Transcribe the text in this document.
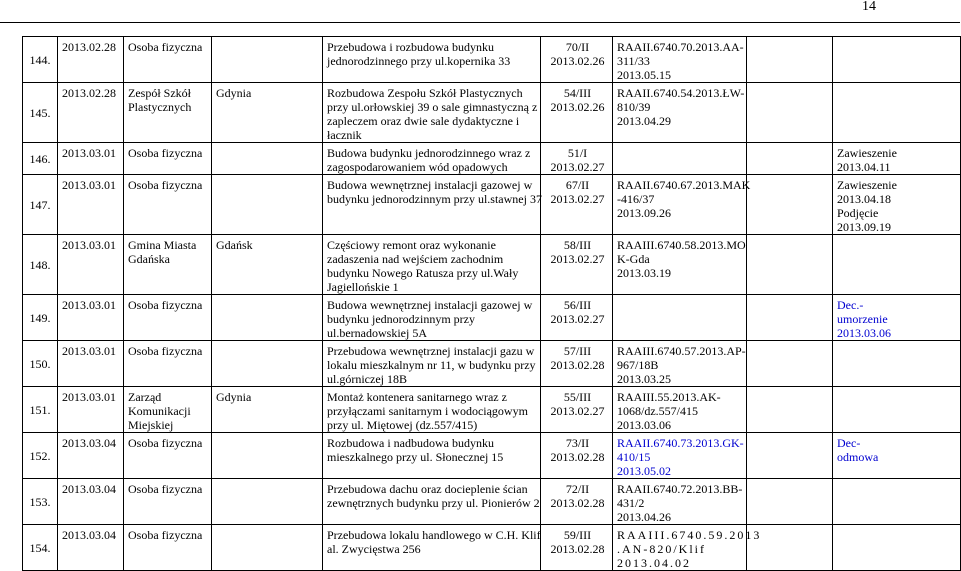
14
144.	2013.02.28	Osoba fizyczna		Przebudowa i rozbudowa budynku
jednorodzinnego przy ul.kopernika 33	70/II
2013.02.26	RAAII.6740.70.2013.AA-
311/33
2013.05.15		

145.	2013.02.28	Zespół Szkół
Plastycznych	Gdynia	Rozbudowa Zespołu Szkół Plastycznych
przy ul.orłowskiej 39 o sale gimnastyczną z
zapleczem oraz dwie sale dydaktyczne i
łacznik	54/III
2013.02.26	RAAII.6740.54.2013.ŁW-
810/39
2013.04.29		

146.	2013.03.01	Osoba fizyczna		Budowa budynku jednorodzinnego wraz z
zagospodarowaniem wód opadowych	51/I
2013.02.27			Zawieszenie
2013.04.11

147.	2013.03.01	Osoba fizyczna		Budowa wewnętrznej instalacji gazowej w
budynku jednorodzinnym przy ul.stawnej 37	67/II
2013.02.27	RAAII.6740.67.2013.MAK
-416/37
2013.09.26		Zawieszenie
2013.04.18
Podjęcie
2013.09.19

148.	2013.03.01	Gmina Miasta
Gdańska	Gdańsk	Częściowy remont oraz wykonanie
zadaszenia nad wejściem zachodnim
budynku Nowego Ratusza przy ul.Wały
Jagiellońskie 1	58/III
2013.02.27	RAAIII.6740.58.2013.MO
K-Gda
2013.03.19		

149.	2013.03.01	Osoba fizyczna		Budowa wewnętrznej instalacji gazowej w
budynku jednorodzinnym przy
ul.bernadowskiej 5A	56/III
2013.02.27			Dec.-
umorzenie
2013.03.06

150.	2013.03.01	Osoba fizyczna		Przebudowa wewnętrznej instalacji gazu w
lokalu mieszkalnym nr 11, w budynku przy
ul.górniczej 18B	57/III
2013.02.28	RAAIII.6740.57.2013.AP-
967/18B
2013.03.25		

151.	2013.03.01	Zarząd
Komunikacji
Miejskiej	Gdynia	Montaż kontenera sanitarnego wraz z
przyłączami sanitarnym i wodociągowym
przy ul. Miętowej (dz.557/415)	55/III
2013.02.27	RAAIII.55.2013.AK-
1068/dz.557/415
2013.03.06		

152.	2013.03.04	Osoba fizyczna		Rozbudowa i nadbudowa budynku
mieszkalnego przy ul. Słonecznej 15	73/II
2013.02.28	RAAII.6740.73.2013.GK-
410/15
2013.05.02		Dec-
odmowa

153.	2013.03.04	Osoba fizyczna		Przebudowa dachu oraz docieplenie ścian
zewnętrznych budynku przy ul. Pionierów 2	72/II
2013.02.28	RAAII.6740.72.2013.BB-
431/2
2013.04.26		

154.	2013.03.04	Osoba fizyczna		Przebudowa lokalu handlowego w C.H. Klif
al. Zwycięstwa 256	59/III
2013.02.28	RAAIII.6740.59.2013
.AN-820/Klif
2013.04.02		
